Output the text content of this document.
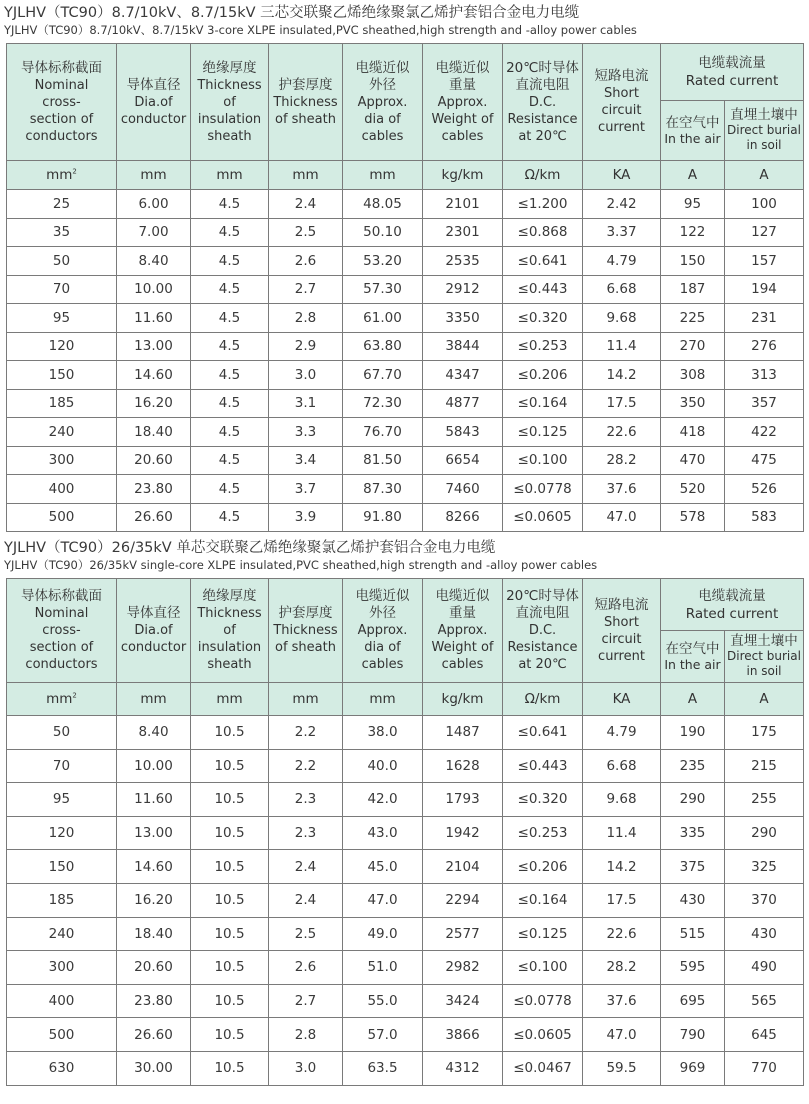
YJLHV（TC90）8.7/10kV、8.7/15kV 三芯交联聚乙烯绝缘聚氯乙烯护套铝合金电力电缆
YJLHV（TC90）8.7/10kV、8.7/15kV 3-core XLPE insulated,PVC sheathed,high strength and -alloy power cables
导体标称截面
Nominal
cross-
section of
conductors	导体直径
Dia.of
conductor	绝缘厚度
Thickness
of insulation
sheath	护套厚度
Thickness
of sheath	电缆近似
外径
Approx.
dia of
cables	电缆近似
重量
Approx.
Weight of
cables	20℃时导体
直流电阻
D.C.
Resistance
at 20℃	短路电流
Short
circuit
current	电缆载流量
Rated current	

								在空气中
In the air	直埋土壤中
Direct burial
in soil

$mm^2$	mm	mm	mm	mm	kg/km	Ω/km	KA	A	A
25	6.00	4.5	2.4	48.05	2101	≤1.200	2.42	95	100
35	7.00	4.5	2.5	50.10	2301	≤0.868	3.37	122	127
50	8.40	4.5	2.6	53.20	2535	≤0.641	4.79	150	157
70	10.00	4.5	2.7	57.30	2912	≤0.443	6.68	187	194
95	11.60	4.5	2.8	61.00	3350	≤0.320	9.68	225	231
120	13.00	4.5	2.9	63.80	3844	≤0.253	11.4	270	276
150	14.60	4.5	3.0	67.70	4347	≤0.206	14.2	308	313
185	16.20	4.5	3.1	72.30	4877	≤0.164	17.5	350	357
240	18.40	4.5	3.3	76.70	5843	≤0.125	22.6	418	422
300	20.60	4.5	3.4	81.50	6654	≤0.100	28.2	470	475
400	23.80	4.5	3.7	87.30	7460	≤0.0778	37.6	520	526
500	26.60	4.5	3.9	91.80	8266	≤0.0605	47.0	578	583
YJLHV（TC90）26/35kV 单芯交联聚乙烯绝缘聚氯乙烯护套铝合金电力电缆
YJLHV（TC90）26/35kV single-core XLPE insulated,PVC sheathed,high strength and -alloy power cables
导体标称截面
Nominal
cross-
section of
conductors	导体直径
Dia.of
conductor	绝缘厚度
Thickness
of insulation
sheath	护套厚度
Thickness
of sheath	电缆近似
外径
Approx.
dia of
cables	电缆近似
重量
Approx.
Weight of
cables	20℃时导体
直流电阻
D.C.
Resistance
at 20℃	短路电流
Short
circuit
current	电缆载流量
Rated current	

								在空气中
In the air	直埋土壤中
Direct burial
in soil

$mm^2$	mm	mm	mm	mm	kg/km	Ω/km	KA	A	A
50	8.40	10.5	2.2	38.0	1487	≤0.641	4.79	190	175
70	10.00	10.5	2.2	40.0	1628	≤0.443	6.68	235	215
95	11.60	10.5	2.3	42.0	1793	≤0.320	9.68	290	255
120	13.00	10.5	2.3	43.0	1942	≤0.253	11.4	335	290
150	14.60	10.5	2.4	45.0	2104	≤0.206	14.2	375	325
185	16.20	10.5	2.4	47.0	2294	≤0.164	17.5	430	370
240	18.40	10.5	2.5	49.0	2577	≤0.125	22.6	515	430
300	20.60	10.5	2.6	51.0	2982	≤0.100	28.2	595	490
400	23.80	10.5	2.7	55.0	3424	≤0.0778	37.6	695	565
500	26.60	10.5	2.8	57.0	3866	≤0.0605	47.0	790	645
630	30.00	10.5	3.0	63.5	4312	≤0.0467	59.5	969	770
